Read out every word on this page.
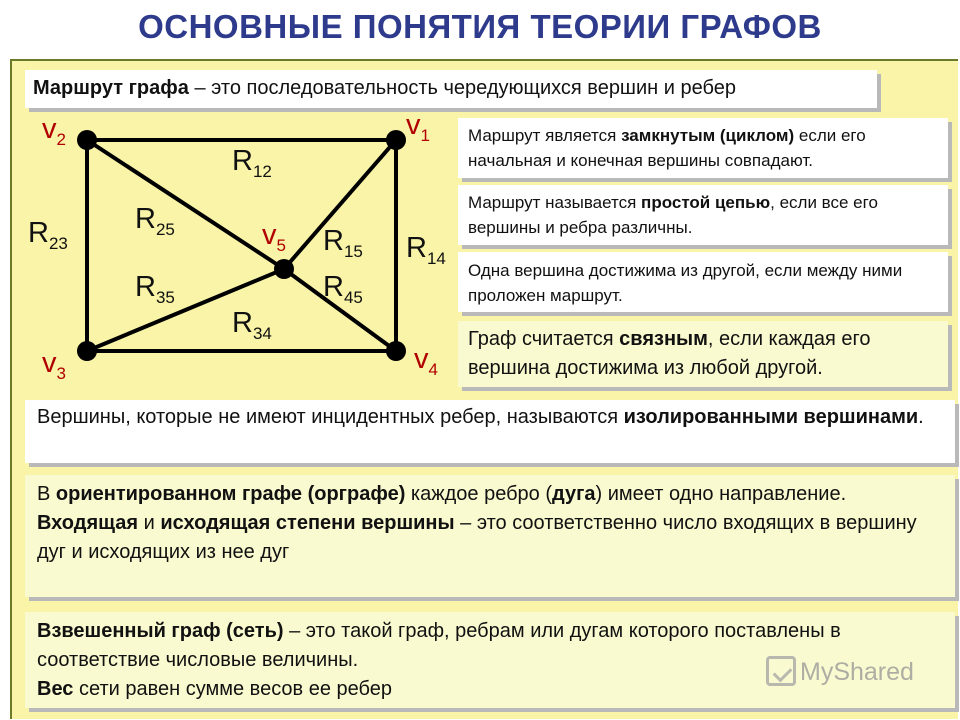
ОСНОВНЫЕ ПОНЯТИЯ ТЕОРИИ ГРАФОВ
Маршрут графа – это последовательность чередующихся вершин и ребер
$v_1$
$v_2$
$v_3$	$v_4$
$v_5$
$R_{12}$
$R_{23}$
$R_{34}$
$R_{14}$
$R_{25}$	$R_{15}$
$R_{35}$	$R_{45}$
Маршрут является замкнутым (циклом) если его начальная и конечная вершины совпадают.
Маршрут называется простой цепью, если все его вершины и ребра различны.
Одна вершина достижима из другой, если между ними проложен маршрут.
Граф считается связным, если каждая его вершина достижима из любой другой.
Вершины, которые не имеют инцидентных ребер, называются изолированными вершинами.
В ориентированном графе (орграфе) каждое ребро (дуга) имеет одно направление.
Входящая и исходящая степени вершины – это соответственно число входящих в вершину дуг и исходящих из нее дуг
Взвешенный граф (сеть) – это такой граф, ребрам или дугам которого поставлены в соответствие числовые величины.
Вес сети равен сумме весов ее ребер
MyShared
